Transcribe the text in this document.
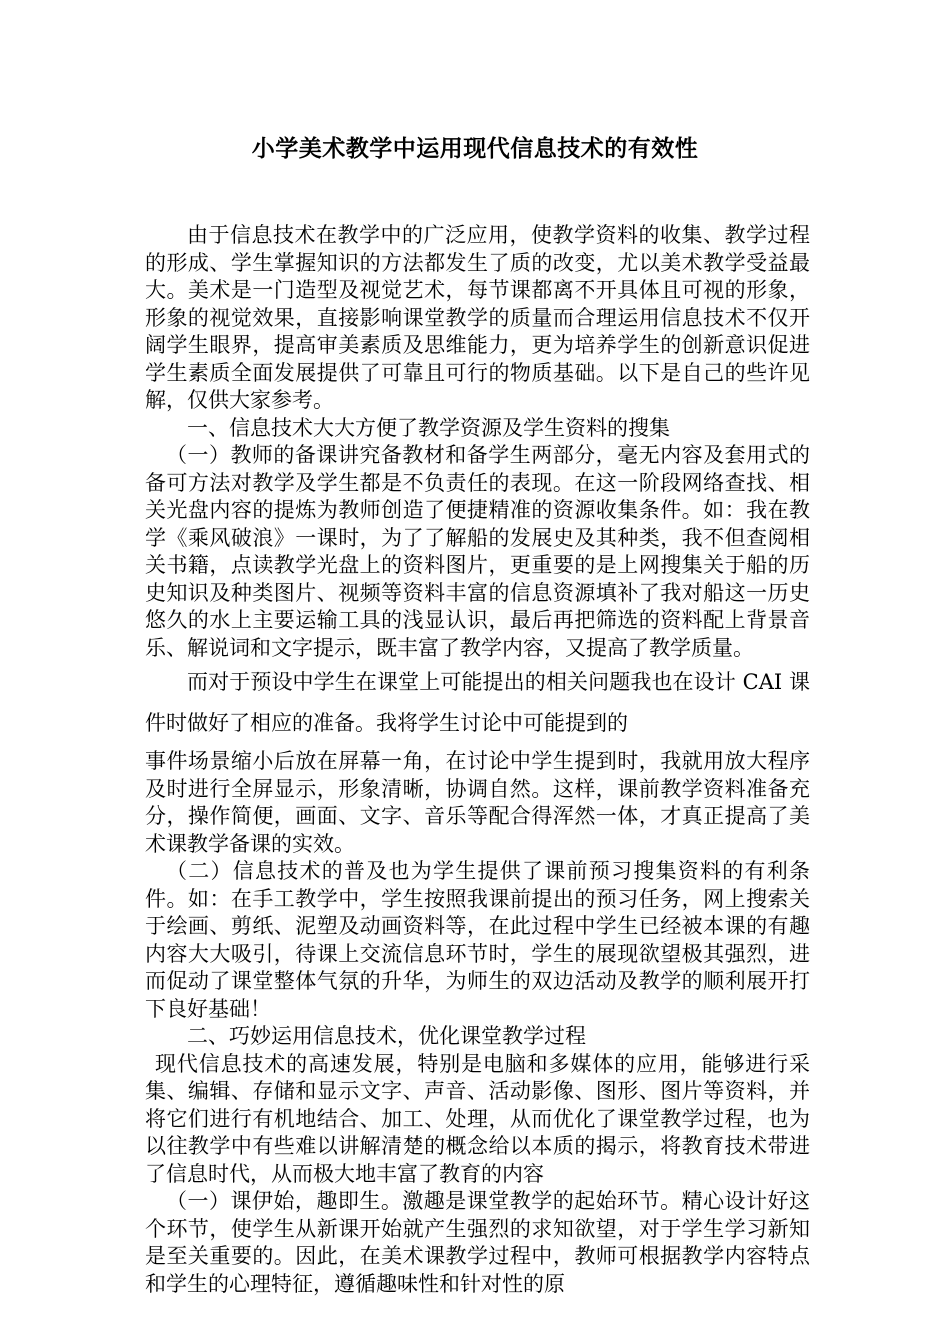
小学美术教学中运用现代信息技术的有效性

由于信息技术在教学中的广泛应用，使教学资料的收集、教学过程的形成、学生掌握知识的方法都发生了质的改变，尤以美术教学受益最大。美术是一门造型及视觉艺术，每节课都离不开具体且可视的形象，形象的视觉效果，直接影响课堂教学的质量而合理运用信息技术不仅开阔学生眼界，提高审美素质及思维能力，更为培养学生的创新意识促进学生素质全面发展提供了可靠且可行的物质基础。以下是自己的些许见解，仅供大家参考。

一、信息技术大大方便了教学资源及学生资料的搜集

（一）教师的备课讲究备教材和备学生两部分，毫无内容及套用式的备可方法对教学及学生都是不负责任的表现。在这一阶段网络查找、相关光盘内容的提炼为教师创造了便捷精准的资源收集条件。如：我在教学《乘风破浪》一课时，为了了解船的发展史及其种类，我不但查阅相关书籍，点读教学光盘上的资料图片，更重要的是上网搜集关于船的历史知识及种类图片、视频等资料丰富的信息资源填补了我对船这一历史悠久的水上主要运输工具的浅显认识，最后再把筛选的资料配上背景音乐、解说词和文字提示，既丰富了教学内容，又提高了教学质量。

而对于预设中学生在课堂上可能提出的相关问题我也在设计 CAI 课件时做好了相应的准备。我将学生讨论中可能提到的

事件场景缩小后放在屏幕一角，在讨论中学生提到时，我就用放大程序及时进行全屏显示，形象清晰，协调自然。这样，课前教学资料准备充分，操作简便，画面、文字、音乐等配合得浑然一体，才真正提高了美术课教学备课的实效。

（二）信息技术的普及也为学生提供了课前预习搜集资料的有利条件。如：在手工教学中，学生按照我课前提出的预习任务，网上搜索关于绘画、剪纸、泥塑及动画资料等，在此过程中学生已经被本课的有趣内容大大吸引，待课上交流信息环节时，学生的展现欲望极其强烈，进而促动了课堂整体气氛的升华，为师生的双边活动及教学的顺利展开打下良好基础！

二、巧妙运用信息技术，优化课堂教学过程

现代信息技术的高速发展，特别是电脑和多媒体的应用，能够进行采集、编辑、存储和显示文字、声音、活动影像、图形、图片等资料，并将它们进行有机地结合、加工、处理，从而优化了课堂教学过程，也为以往教学中有些难以讲解清楚的概念给以本质的揭示，将教育技术带进了信息时代，从而极大地丰富了教育的内容

（一）课伊始，趣即生。激趣是课堂教学的起始环节。精心设计好这个环节，使学生从新课开始就产生强烈的求知欲望，对于学生学习新知是至关重要的。因此，在美术课教学过程中，教师可根据教学内容特点和学生的心理特征，遵循趣味性和针对性的原
